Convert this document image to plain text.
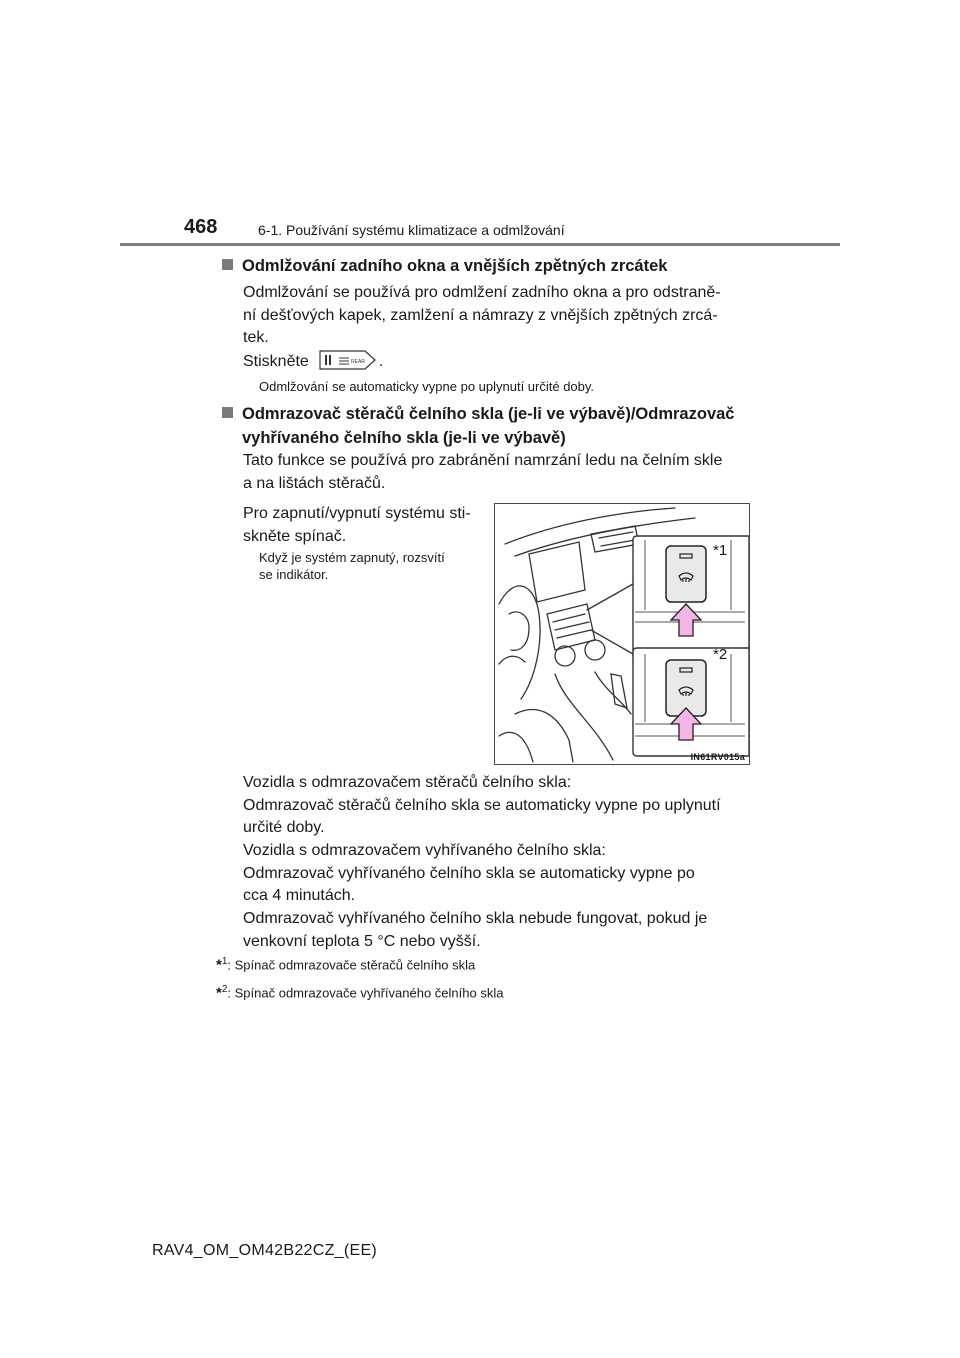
468	6-1. Používání systému klimatizace a odmlžování
Odmlžování zadního okna a vnějších zpětných zrcátek
Odmlžování se používá pro odmlžení zadního okna a pro odstraně-
ní dešťových kapek, zamlžení a námrazy z vnějších zpětných zrcá-
tek.
Stiskněte	REAR .
Odmlžování se automaticky vypne po uplynutí určité doby.
Odmrazovač stěračů čelního skla (je-li ve výbavě)/Odmrazovač
vyhřívaného čelního skla (je-li ve výbavě)
Tato funkce se používá pro zabránění namrzání ledu na čelním skle
a na lištách stěračů.
Pro zapnutí/vypnutí systému sti-
skněte spínač.
Když je systém zapnutý, rozsvítí
se indikátor.
*1
*2
IN61RV015a
Vozidla s odmrazovačem stěračů čelního skla:
Odmrazovač stěračů čelního skla se automaticky vypne po uplynutí
určité doby.
Vozidla s odmrazovačem vyhřívaného čelního skla:
Odmrazovač vyhřívaného čelního skla se automaticky vypne po
cca 4 minutách.
Odmrazovač vyhřívaného čelního skla nebude fungovat, pokud je
venkovní teplota 5 °C nebo vyšší.
*$^1$: Spínač odmrazovače stěračů čelního skla
*$^2$: Spínač odmrazovače vyhřívaného čelního skla
RAV4_OM_OM42B22CZ_(EE)
